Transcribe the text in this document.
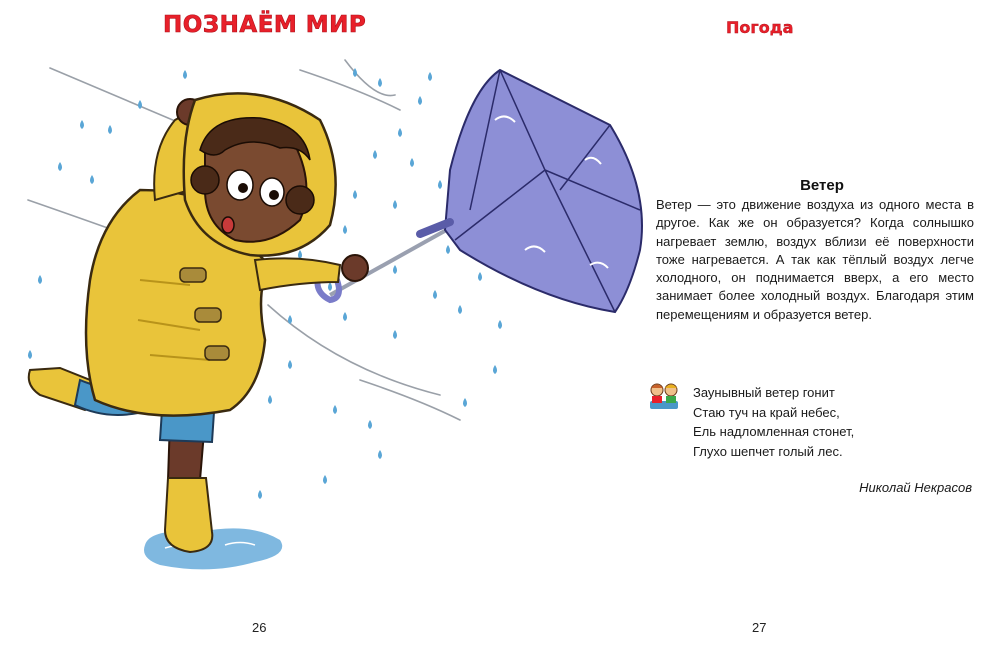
ПОЗНАЁМ МИР
26
Погода
Ветер

Ветер — это движение воздуха из одного места в другое. Как же он образуется? Когда солнышко нагревает землю, воздух вблизи её поверхности тоже нагревается. А так как тёплый воздух легче холодного, он поднимается вверх, а его место занимает более холодный воздух. Благодаря этим перемещениям и образуется ветер.

Заунывный ветер гонит
Стаю туч на край небес,
Ель надломленная стонет,
Глухо шепчет голый лес.
Николай Некрасов
27
